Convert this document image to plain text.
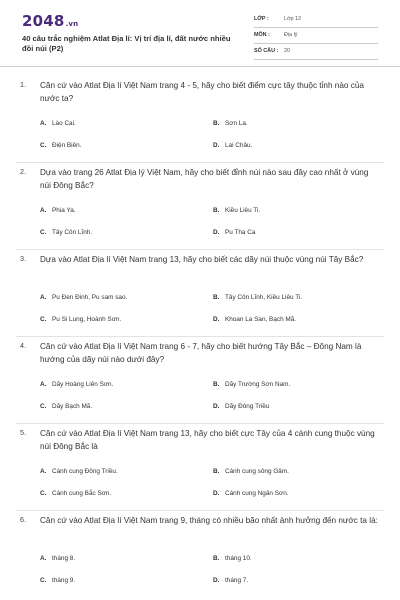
2048.vn
40 câu trắc nghiệm Atlat Địa lí: Vị trí địa lí, đất nước nhiều đồi núi (P2)
LỚP :	Lớp 12
MÔN :	Địa lý
SỐ CÂU : 20
1. Căn cứ vào Atlat Địa lí Việt Nam trang 4 - 5, hãy cho biết điểm cực tây thuộc tỉnh nào của nước ta?
A. Lào Cai.	B. Sơn La.
C. Điện Biên.	D. Lai Châu.
2. Dựa vào trang 26 Atlat Địa lý Việt Nam, hãy cho biết đỉnh núi nào sau đây cao nhất ở vùng núi Đông Bắc?
A. Phia Ya.	B. Kiều Liêu Ti.
C. Tây Côn Lĩnh.	D. Pu Tha Ca
3. Dựa vào Atlat Địa lí Việt Nam trang 13, hãy cho biết các dãy núi thuộc vùng núi Tây Bắc?
A. Pu Đen Đinh, Pu sam sao.	B. Tây Côn Lĩnh, Kiều Liêu Ti.
C. Pu Si Lung, Hoành Sơn.	D. Khoan La San, Bạch Mã.
4. Căn cứ vào Atlat Địa lí Việt Nam trang 6 - 7, hãy cho biết hướng Tây Bắc – Đông Nam là hướng của dãy núi nào dưới đây?
A. Dãy Hoàng Liên Sơn.	B. Dãy Trường Sơn Nam.
C. Dãy Bạch Mã.	D. Dãy Đông Triều
5. Căn cứ vào Atlat Địa lí Việt Nam trang 13, hãy cho biết cực Tây của 4 cánh cung thuộc vùng núi Đông Bắc là
A. Cánh cung Đông Triều.	B. Cánh cung sông Gâm.
C. Cánh cung Bắc Sơn.	D. Cánh cung Ngân Sơn.
6. Căn cứ vào Atlat Địa lí Việt Nam trang 9, tháng có nhiều bão nhất ảnh hưởng đến nước ta là:
A. tháng 8.	B. tháng 10.
C. tháng 9.	D. tháng 7.
